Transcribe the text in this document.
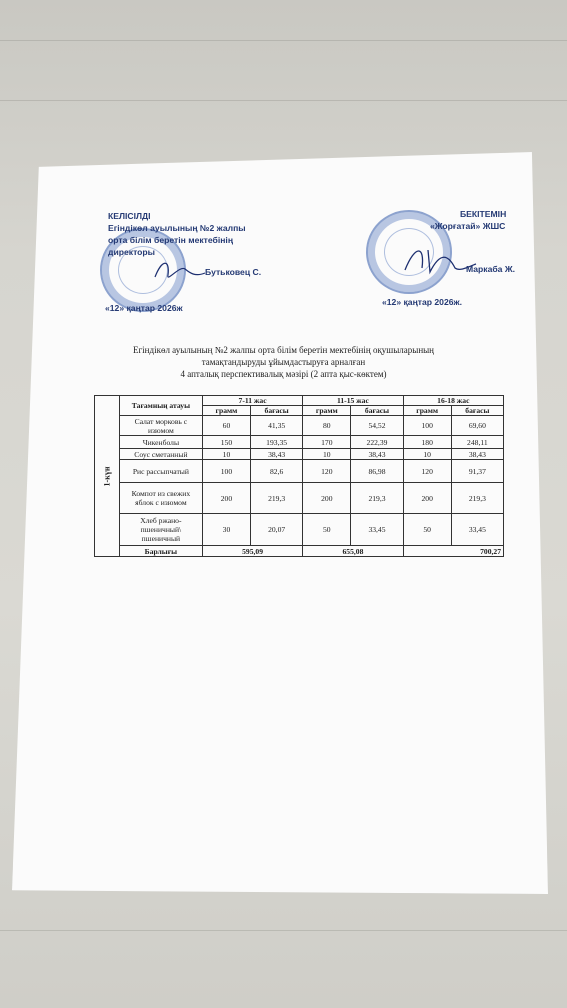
КЕЛІСІЛДІ
Егіндікөл ауылының №2 жалпы
орта білім беретін мектебінің
директоры
Бутьковец С.
«12» қаңтар 2026ж
БЕКІТЕМІН
«Жорғатай» ЖШС
Маркаба Ж.
«12» қаңтар 2026ж.
Егіндікөл ауылының №2 жалпы орта білім беретін мектебінің оқушыларының
тамақтандыруды ұйымдастыруға арналған
4 апталық перспективалық мәзірі (2 апта қыс-көктем)
1-күн	Тағамның атауы	7-11 жас		11-15 жас		16-18 жас	
		грамм	бағасы	грамм	бағасы	грамм	бағасы
	Салат морковь с изюмом	60	41,35	80	54,52	100	69,60
	Чикенболы	150	193,35	170	222,39	180	248,11
	Соус сметанный	10	38,43	10	38,43	10	38,43
	Рис рассыпчатый	100	82,6	120	86,98	120	91,37
	Компот из свежих яблок с изюмом	200	219,3	200	219,3	200	219,3
	Хлеб ржано-пшеничный\ пшеничный	30	20,07	50	33,45	50	33,45
	Барлығы	595,09		655,08		700,27	
